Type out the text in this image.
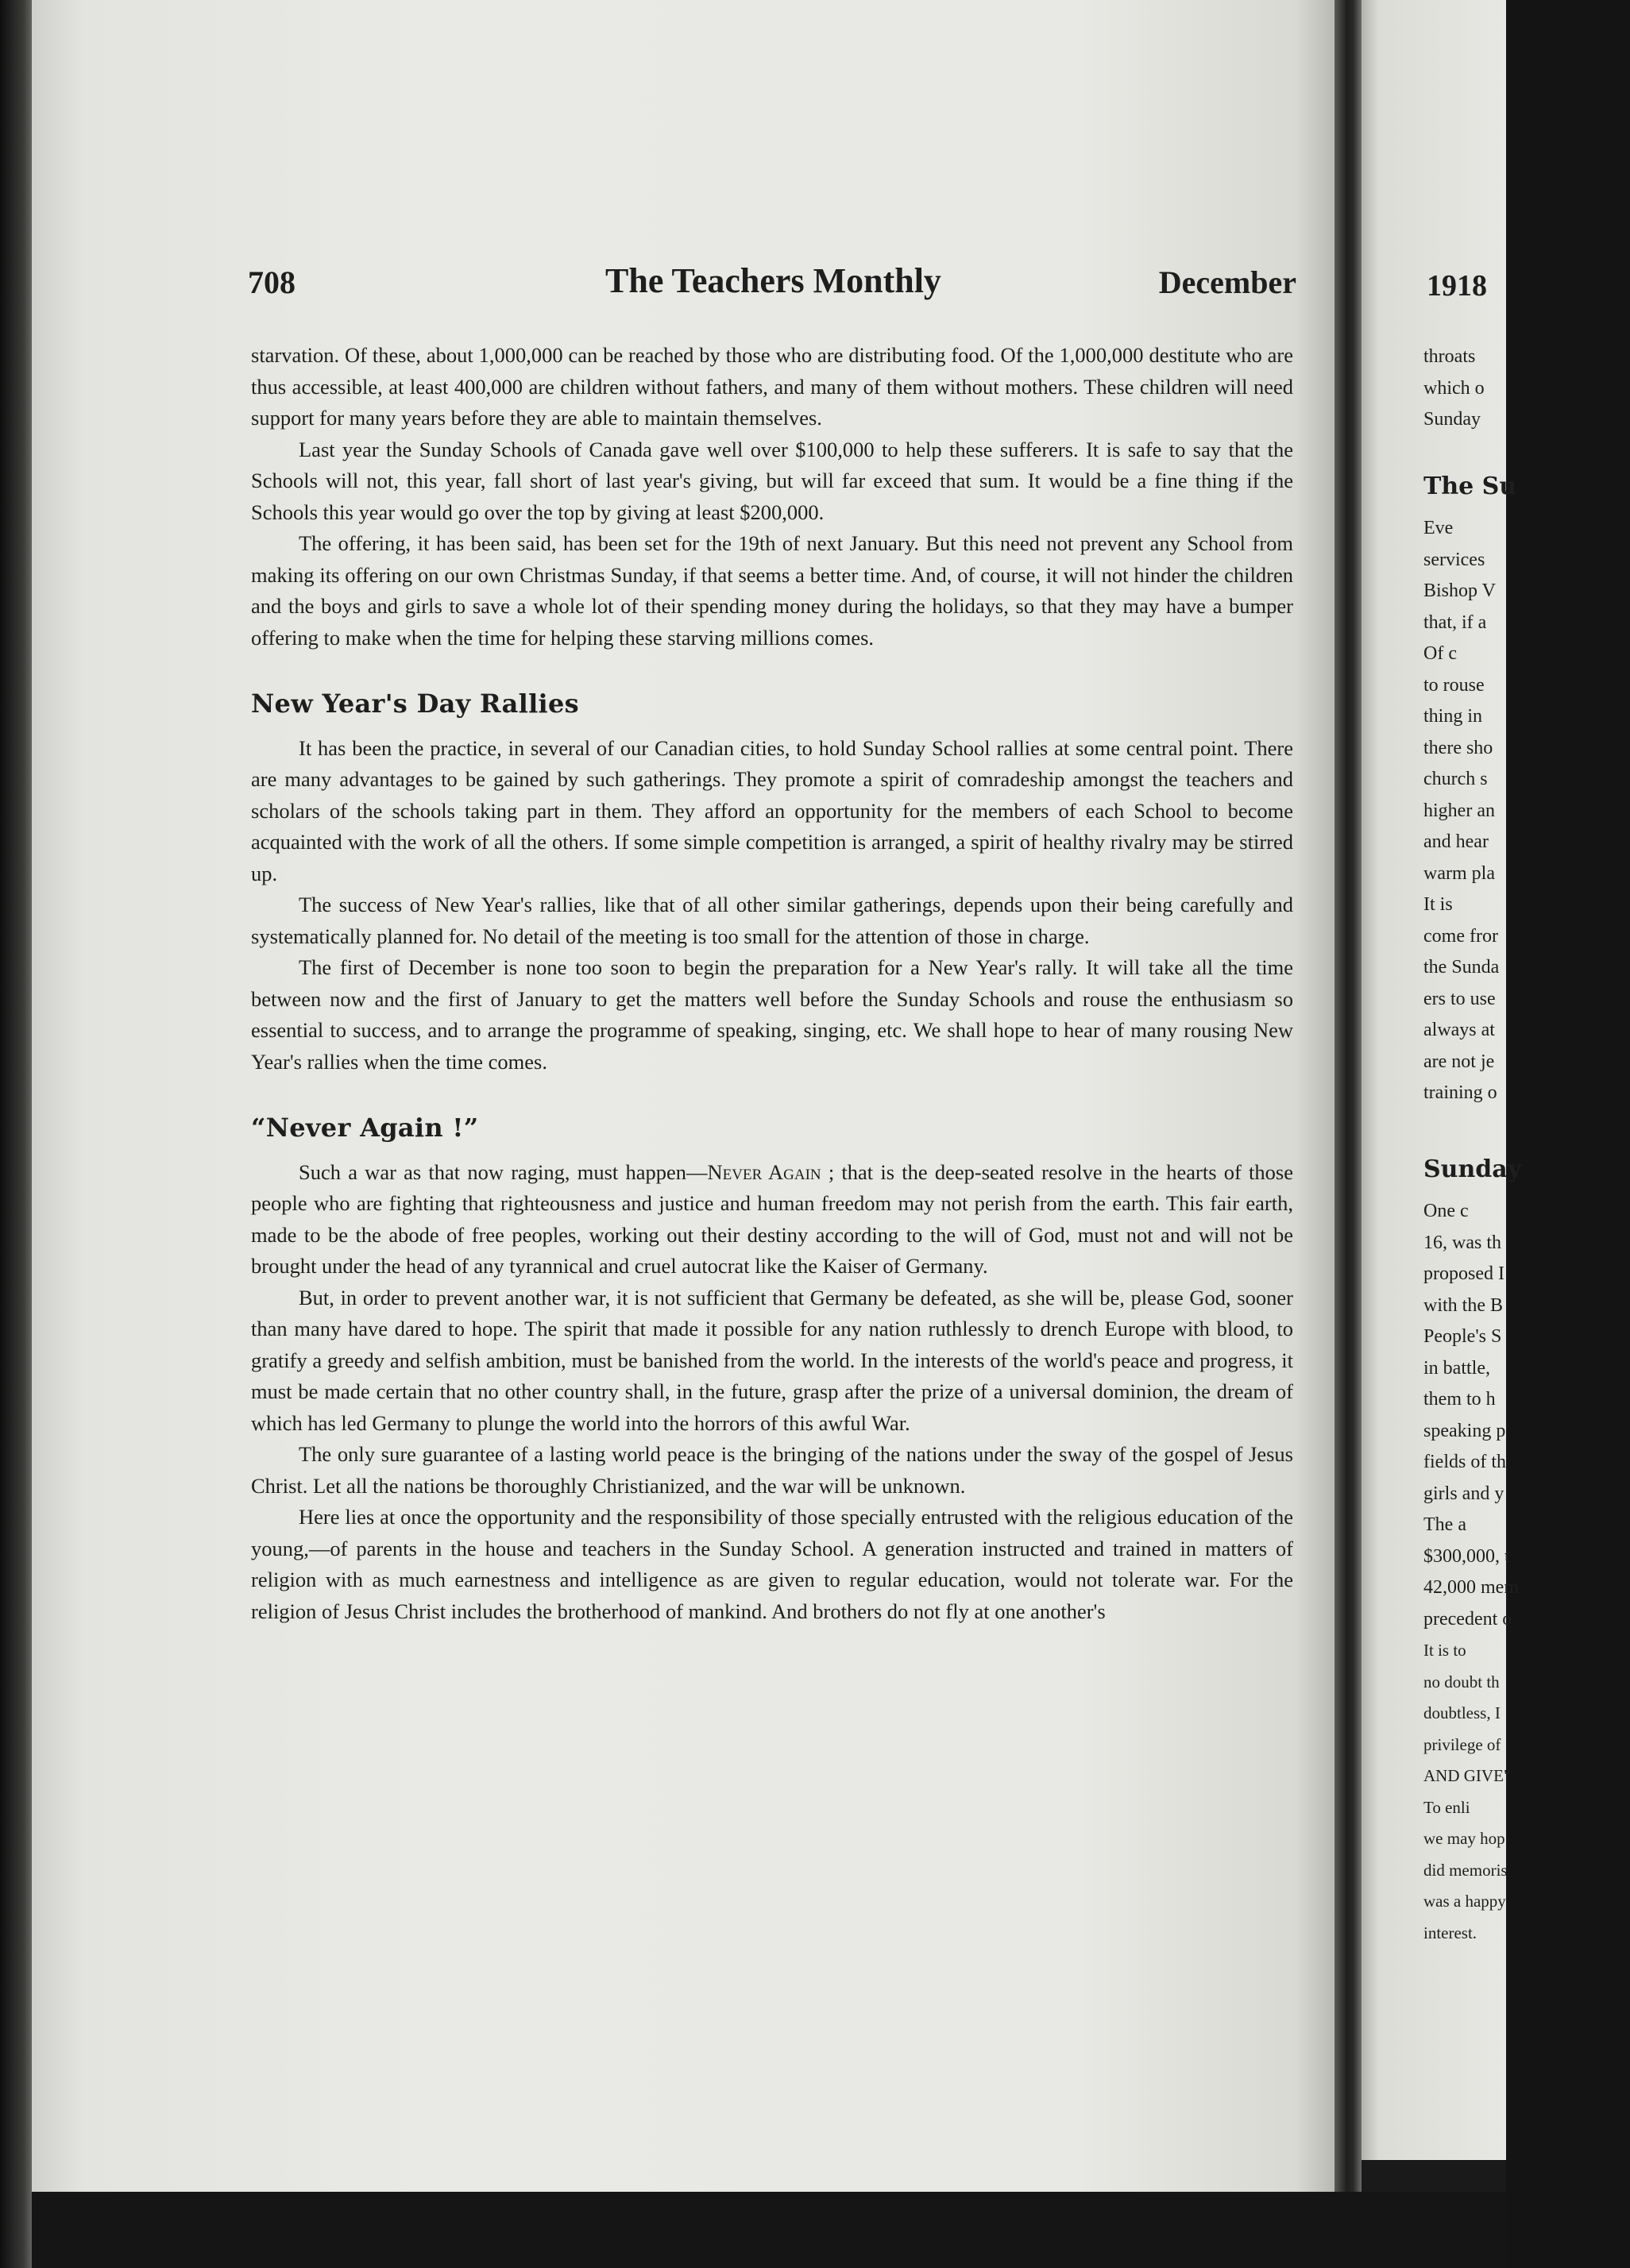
708	The Teachers Monthly	December

starvation. Of these, about 1,000,000 can be reached by those who are distributing food. Of the 1,000,000 destitute who are thus accessible, at least 400,000 are children without fathers, and many of them without mothers. These children will need support for many years before they are able to maintain themselves.

Last year the Sunday Schools of Canada gave well over $100,000 to help these sufferers. It is safe to say that the Schools will not, this year, fall short of last year's giving, but will far exceed that sum. It would be a fine thing if the Schools this year would go over the top by giving at least $200,000.

The offering, it has been said, has been set for the 19th of next January. But this need not prevent any School from making its offering on our own Christmas Sunday, if that seems a better time. And, of course, it will not hinder the children and the boys and girls to save a whole lot of their spending money during the holidays, so that they may have a bumper offering to make when the time for helping these starving millions comes.

New Year's Day Rallies

It has been the practice, in several of our Canadian cities, to hold Sunday School rallies at some central point. There are many advantages to be gained by such gatherings. They promote a spirit of comradeship amongst the teachers and scholars of the schools taking part in them. They afford an opportunity for the members of each School to become acquainted with the work of all the others. If some simple competition is arranged, a spirit of healthy rivalry may be stirred up.

The success of New Year's rallies, like that of all other similar gatherings, depends upon their being carefully and systematically planned for. No detail of the meeting is too small for the attention of those in charge.

The first of December is none too soon to begin the preparation for a New Year's rally. It will take all the time between now and the first of January to get the matters well before the Sunday Schools and rouse the enthusiasm so essential to success, and to arrange the programme of speaking, singing, etc. We shall hope to hear of many rousing New Year's rallies when the time comes.

“Never Again !”

Such a war as that now raging, must happen—Never Again ; that is the deep-seated resolve in the hearts of those people who are fighting that righteousness and justice and human freedom may not perish from the earth. This fair earth, made to be the abode of free peoples, working out their destiny according to the will of God, must not and will not be brought under the head of any tyrannical and cruel autocrat like the Kaiser of Germany.

But, in order to prevent another war, it is not sufficient that Germany be defeated, as she will be, please God, sooner than many have dared to hope. The spirit that made it possible for any nation ruthlessly to drench Europe with blood, to gratify a greedy and selfish ambition, must be banished from the world. In the interests of the world's peace and progress, it must be made certain that no other country shall, in the future, grasp after the prize of a universal dominion, the dream of which has led Germany to plunge the world into the horrors of this awful War.

The only sure guarantee of a lasting world peace is the bringing of the nations under the sway of the gospel of Jesus Christ. Let all the nations be thoroughly Christianized, and the war will be unknown.

Here lies at once the opportunity and the responsibility of those specially entrusted with the religious education of the young,—of parents in the house and teachers in the Sunday School. A generation instructed and trained in matters of religion with as much earnestness and intelligence as are given to regular education, would not tolerate war. For the religion of Jesus Christ includes the brotherhood of mankind. And brothers do not fly at one another's

1918
throats
which o
Sunday
The Su
Eve
services
Bishop V
that, if a
Of c
to rouse
thing in
there sho
church s
higher an
and hear
warm pla
It is
come fror
the Sunda
ers to use
always at
are not je
training o
Sunday
One c
16, was th
proposed I
with the B
People's S
in battle,
them to h
speaking p
fields of th
girls and y
The a
$300,000, t
42,000 mem
precedent o
It is to
no doubt th
doubtless, I
privilege of
AND GIVE"
To enli
we may hop
did memoris
was a happy
interest.
